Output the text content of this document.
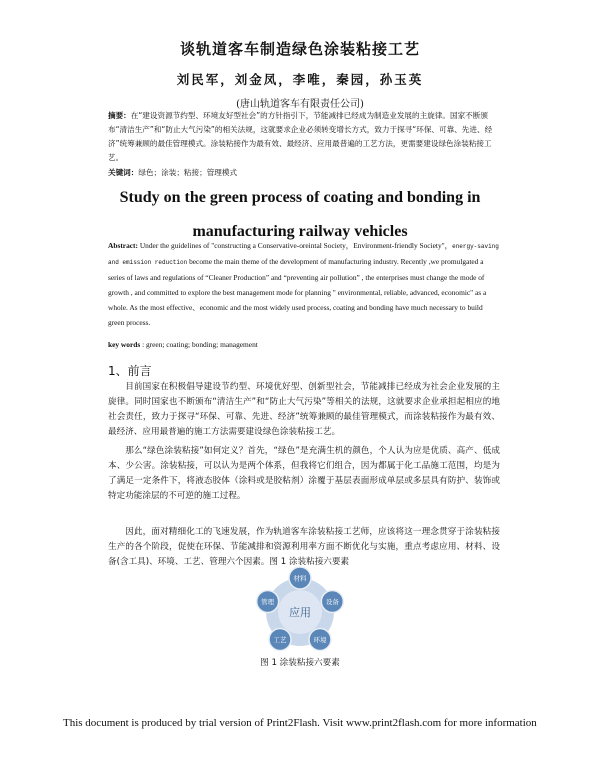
谈轨道客车制造绿色涂装粘接工艺
刘民军，刘金凤，李唯，秦园，孙玉英
(唐山轨道客车有限责任公司)
摘要：在“建设资源节约型、环境友好型社会”的方针指引下，节能减排已经成为制造业发展的主旋律。国家不断颁布“清洁生产”和“防止大气污染”的相关法规，这就要求企业必须转变增长方式，致力于探寻“环保、可靠、先进、经济”统筹兼顾的最佳管理模式。涂装粘接作为最有效、最经济、应用最普遍的工艺方法，更需要建设绿色涂装粘接工艺。
关键词：绿色；涂装；粘接；管理模式
Study on the green process of coating and bonding in
manufacturing railway vehicles
Abstract: Under the guidelines of "constructing a Conservative-oreintal Society，Environment-friendly Society"，energy-saving and emission reduction become the main theme of the development of manufacturing industry. Recently ,we promulgated a series of laws and regulations of “Cleaner Production” and “preventing air pollution” , the enterprises must change the mode of growth , and committed to explore the best management mode for planning " environmental, reliable, advanced, economic" as a whole. As the most effective、economic and the most widely used process, coating and bonding have much necessary to build green process.
key words : green; coating; bonding; management
1、前言

目前国家在积极倡导建设节约型、环境优好型、创新型社会，节能减排已经成为社会企业发展的主旋律。同时国家也不断颁布“清洁生产”和“防止大气污染”等相关的法规，这就要求企业承担起相应的地社会责任，致力于探寻“环保、可靠、先进、经济”统筹兼顾的最佳管理模式，而涂装粘接作为最有效、最经济、应用最普遍的施工方法需要建设绿色涂装粘接工艺。

那么“绿色涂装粘接”如何定义？首先，“绿色”是充满生机的颜色，个人认为应是优质、高产、低成本、少公害。涂装粘接，可以认为是两个体系，但我将它们组合，因为都属于化工品施工范围，均是为了满足一定条件下，将液态胶体（涂料或是胶粘剂）涂覆于基层表面形成单层或多层具有防护、装饰或特定功能涂层的不可逆的施工过程。

因此，面对精细化工的飞速发展，作为轨道客车涂装粘接工艺师，应该将这一理念贯穿于涂装粘接生产的各个阶段，促使在环保、节能减排和资源利用率方面不断优化与实施，重点考虑应用、材料、设备(含工具)、环境、工艺、管理六个因素。图 1 涂装粘接六要素

应用
材料
设备
环境
工艺
管理
图 1 涂装粘接六要素
This document is produced by trial version of Print2Flash. Visit www.print2flash.com for more information
